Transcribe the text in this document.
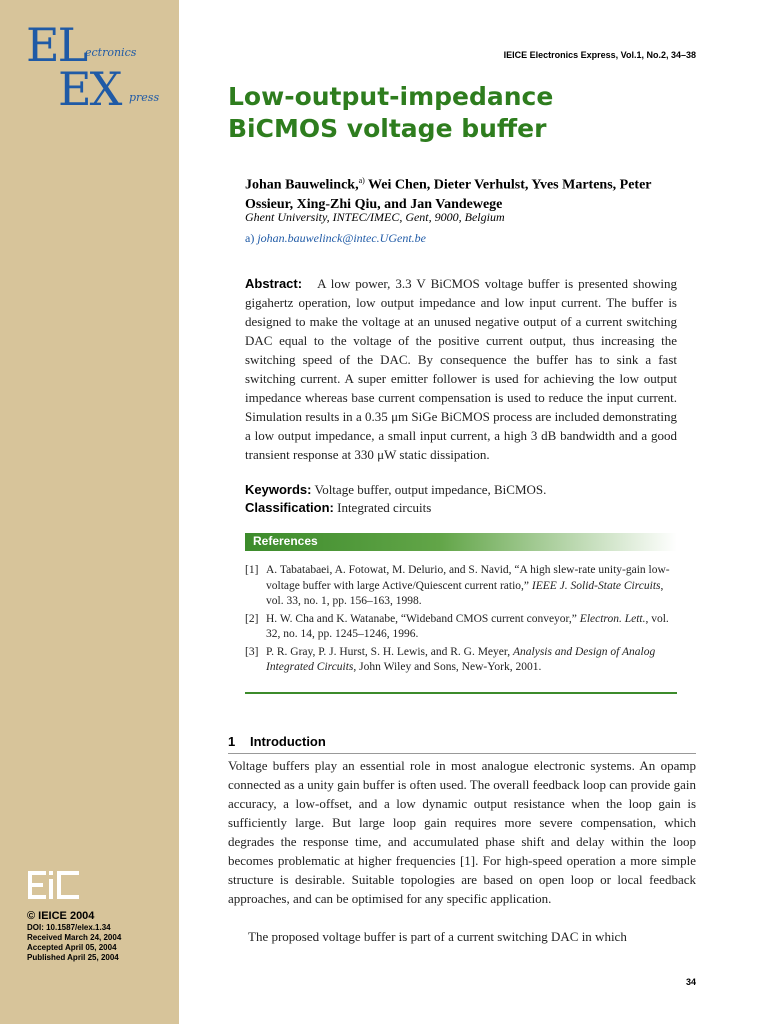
EL
ectronics
EX press
IEICE Electronics Express, Vol.1, No.2, 34–38
Low-output-impedance
BiCMOS voltage buffer
Johan Bauwelinck,$^{a)}$ Wei Chen, Dieter Verhulst, Yves Martens, Peter Ossieur, Xing-Zhi Qiu, and Jan Vandewege
Ghent University, INTEC/IMEC, Gent, 9000, Belgium
a) johan.bauwelinck@intec.UGent.be

Abstract: A low power, 3.3 V BiCMOS voltage buffer is presented showing gigahertz operation, low output impedance and low input current. The buffer is designed to make the voltage at an unused negative output of a current switching DAC equal to the voltage of the positive current output, thus increasing the switching speed of the DAC. By consequence the buffer has to sink a fast switching current. A super emitter follower is used for achieving the low output impedance whereas base current compensation is used to reduce the input current. Simulation results in a 0.35 μm SiGe BiCMOS process are included demonstrating a low output impedance, a small input current, a high 3 dB bandwidth and a good transient response at 330 μW static dissipation.

Keywords: Voltage buffer, output impedance, BiCMOS.
Classification: Integrated circuits
References
[1] A. Tabatabaei, A. Fotowat, M. Delurio, and S. Navid, “A high slew-rate unity-gain low-voltage buffer with large Active/Quiescent current ratio,” IEEE J. Solid-State Circuits, vol. 33, no. 1, pp. 156–163, 1998.
[2] H. W. Cha and K. Watanabe, “Wideband CMOS current conveyor,” Electron. Lett., vol. 32, no. 14, pp. 1245–1246, 1996.
[3] P. R. Gray, P. J. Hurst, S. H. Lewis, and R. G. Meyer, Analysis and Design of Analog Integrated Circuits, John Wiley and Sons, New-York, 2001.
1 Introduction

Voltage buffers play an essential role in most analogue electronic systems. An opamp connected as a unity gain buffer is often used. The overall feedback loop can provide gain accuracy, a low-offset, and a low dynamic output resistance when the loop gain is sufficiently large. But large loop gain requires more severe compensation, which degrades the response time, and accumulated phase shift and delay within the loop becomes problematic at higher frequencies [1]. For high-speed operation a more simple structure is desirable. Suitable topologies are based on open loop or local feedback approaches, and can be optimised for any specific application.

The proposed voltage buffer is part of a current switching DAC in which

© IEICE 2004
DOI: 10.1587/elex.1.34
Received March 24, 2004
Accepted April 05, 2004
Published April 25, 2004
34
